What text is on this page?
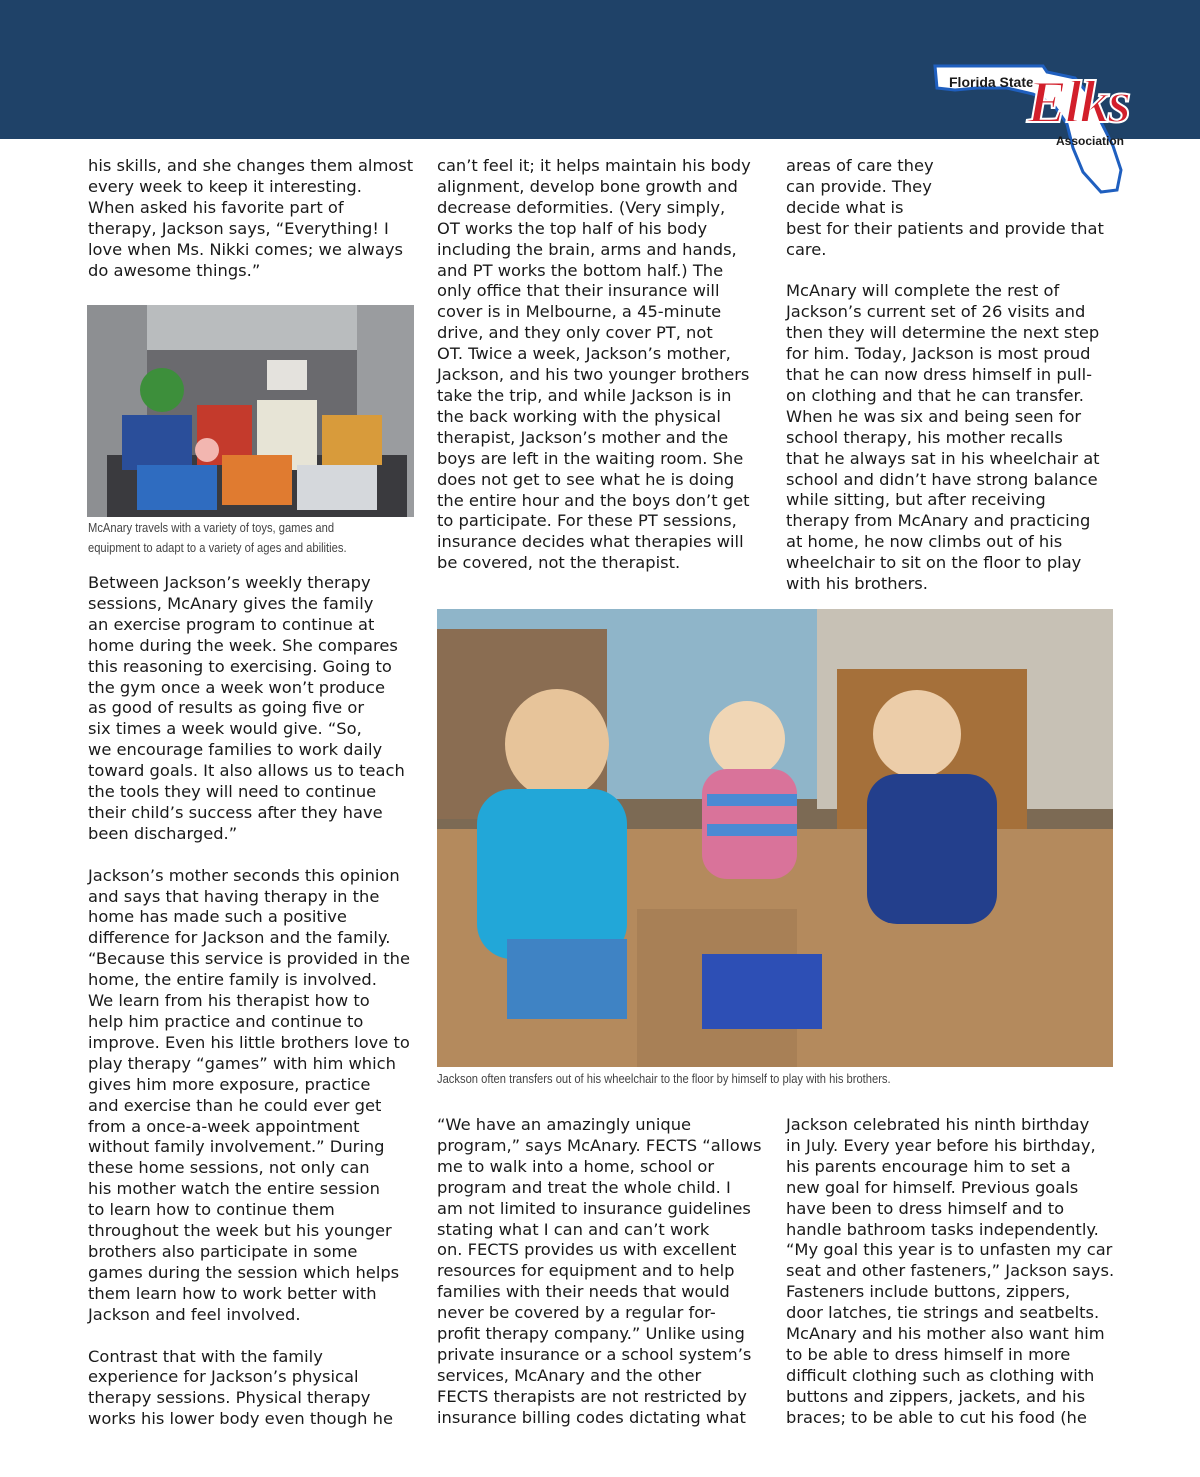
Florida State
Elks
Association

his skills, and she changes them almost
every week to keep it interesting.
When asked his favorite part of
therapy, Jackson says, “Everything! I
love when Ms. Nikki comes; we always
do awesome things.”

McAnary travels with a variety of toys, games and
equipment to adapt to a variety of ages and abilities.

Between Jackson’s weekly therapy
sessions, McAnary gives the family
an exercise program to continue at
home during the week. She compares
this reasoning to exercising. Going to
the gym once a week won’t produce
as good of results as going five or
six times a week would give. “So,
we encourage families to work daily
toward goals. It also allows us to teach
the tools they will need to continue
their child’s success after they have
been discharged.”

Jackson’s mother seconds this opinion
and says that having therapy in the
home has made such a positive
difference for Jackson and the family.
“Because this service is provided in the
home, the entire family is involved.
We learn from his therapist how to
help him practice and continue to
improve. Even his little brothers love to
play therapy “games” with him which
gives him more exposure, practice
and exercise than he could ever get
from a once-a-week appointment
without family involvement.” During
these home sessions, not only can
his mother watch the entire session
to learn how to continue them
throughout the week but his younger
brothers also participate in some
games during the session which helps
them learn how to work better with
Jackson and feel involved.

Contrast that with the family
experience for Jackson’s physical
therapy sessions. Physical therapy
works his lower body even though he

can’t feel it; it helps maintain his body
alignment, develop bone growth and
decrease deformities. (Very simply,
OT works the top half of his body
including the brain, arms and hands,
and PT works the bottom half.) The
only office that their insurance will
cover is in Melbourne, a 45-minute
drive, and they only cover PT, not
OT. Twice a week, Jackson’s mother,
Jackson, and his two younger brothers
take the trip, and while Jackson is in
the back working with the physical
therapist, Jackson’s mother and the
boys are left in the waiting room. She
does not get to see what he is doing
the entire hour and the boys don’t get
to participate. For these PT sessions,
insurance decides what therapies will
be covered, not the therapist.

areas of care they
can provide. They
decide what is
best for their patients and provide that
care.

McAnary will complete the rest of
Jackson’s current set of 26 visits and
then they will determine the next step
for him. Today, Jackson is most proud
that he can now dress himself in pull-
on clothing and that he can transfer.
When he was six and being seen for
school therapy, his mother recalls
that he always sat in his wheelchair at
school and didn’t have strong balance
while sitting, but after receiving
therapy from McAnary and practicing
at home, he now climbs out of his
wheelchair to sit on the floor to play
with his brothers.

Jackson often transfers out of his wheelchair to the floor by himself to play with his brothers.

“We have an amazingly unique
program,” says McAnary. FECTS “allows
me to walk into a home, school or
program and treat the whole child. I
am not limited to insurance guidelines
stating what I can and can’t work
on. FECTS provides us with excellent
resources for equipment and to help
families with their needs that would
never be covered by a regular for-
profit therapy company.” Unlike using
private insurance or a school system’s
services, McAnary and the other
FECTS therapists are not restricted by
insurance billing codes dictating what

Jackson celebrated his ninth birthday
in July. Every year before his birthday,
his parents encourage him to set a
new goal for himself. Previous goals
have been to dress himself and to
handle bathroom tasks independently.
“My goal this year is to unfasten my car
seat and other fasteners,” Jackson says.
Fasteners include buttons, zippers,
door latches, tie strings and seatbelts.
McAnary and his mother also want him
to be able to dress himself in more
difficult clothing such as clothing with
buttons and zippers, jackets, and his
braces; to be able to cut his food (he
